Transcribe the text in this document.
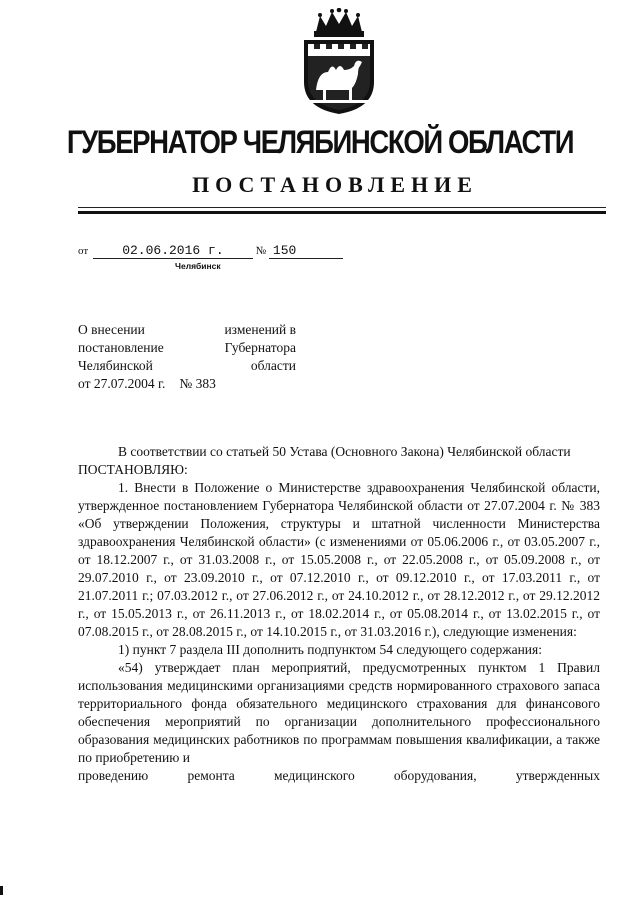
ГУБЕРНАТОР ЧЕЛЯБИНСКОЙ ОБЛАСТИ
ПОСТАНОВЛЕНИЕ
от	02.06.2016 г.	№ 150
Челябинск
О внесении	изменений в
постановление	Губернатора
Челябинской	области
от 27.07.2004 г. № 383

В соответствии со статьей 50 Устава (Основного Закона) Челябинской области

ПОСТАНОВЛЯЮ:

1. Внести в Положение о Министерстве здравоохранения Челябинской области, утвержденное постановлением Губернатора Челябинской области от 27.07.2004 г. № 383 «Об утверждении Положения, структуры и штатной численности Министерства здравоохранения Челябинской области» (с изменениями от 05.06.2006 г., от 03.05.2007 г., от 18.12.2007 г., от 31.03.2008 г., от 15.05.2008 г., от 22.05.2008 г., от 05.09.2008 г., от 29.07.2010 г., от 23.09.2010 г., от 07.12.2010 г., от 09.12.2010 г., от 17.03.2011 г., от 21.07.2011 г.; 07.03.2012 г., от 27.06.2012 г., от 24.10.2012 г., от 28.12.2012 г., от 29.12.2012 г., от 15.05.2013 г., от 26.11.2013 г., от 18.02.2014 г., от 05.08.2014 г., от 13.02.2015 г., от 07.08.2015 г., от 28.08.2015 г., от 14.10.2015 г., от 31.03.2016 г.), следующие изменения:

1) пункт 7 раздела III дополнить подпунктом 54 следующего содержания:

«54) утверждает план мероприятий, предусмотренных пунктом 1 Правил использования медицинскими организациями средств нормированного страхового запаса территориального фонда обязательного медицинского страхования для финансового обеспечения мероприятий по организации дополнительного профессионального образования медицинских работников по программам повышения квалификации, а также по приобретению и

проведению	ремонта	медицинского	оборудования,	утвержденных
